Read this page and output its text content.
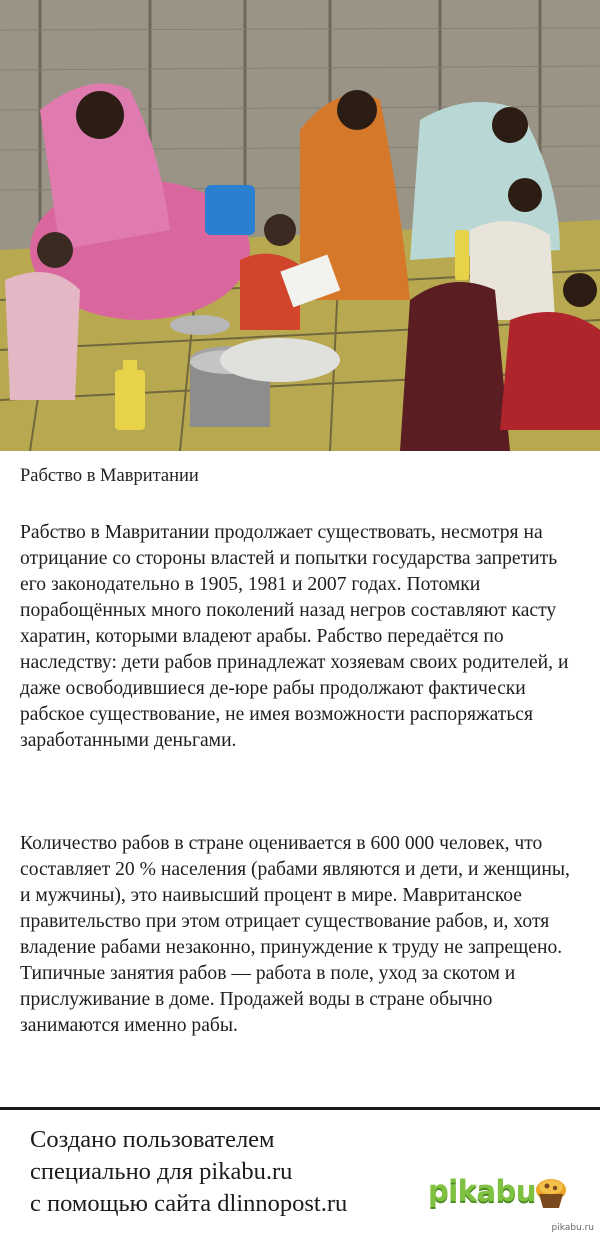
Рабство в Мавритании

Рабство в Мавритании продолжает существовать, несмотря на отрицание со стороны властей и попытки государства запретить его законодательно в 1905, 1981 и 2007 годах. Потомки порабощённых много поколений назад негров составляют касту харатин, которыми владеют арабы. Рабство передаётся по наследству: дети рабов принадлежат хозяевам своих родителей, и даже освободившиеся де-юре рабы продолжают фактически рабское существование, не имея возможности распоряжаться заработанными деньгами.

Количество рабов в стране оценивается в 600 000 человек, что составляет 20 % населения (рабами являются и дети, и женщины, и мужчины), это наивысший процент в мире. Мавританское правительство при этом отрицает существование рабов, и, хотя владение рабами незаконно, принуждение к труду не запрещено. Типичные занятия рабов — работа в поле, уход за скотом и прислуживание в доме. Продажей воды в стране обычно занимаются именно рабы.

Создано пользователем
специально для pikabu.ru
с помощью сайта dlinnopost.ru	pikabu
pikabu.ru
